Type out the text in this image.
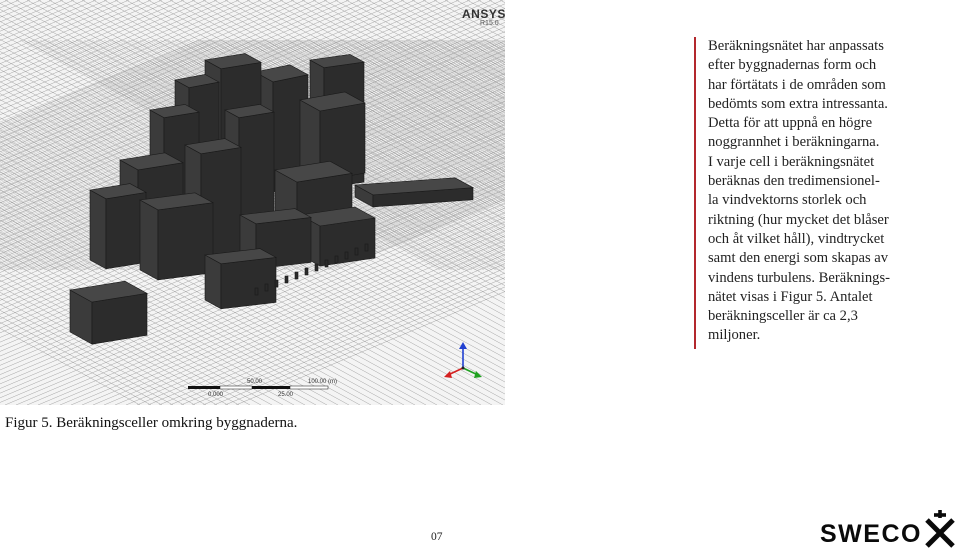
ANSYS
R15.0
0.000
50.00	100.00 (m)
25.00

Beräkningsnätet har anpassats

efter byggnadernas form och

har förtätats i de områden som

bedömts som extra intressanta.

Detta för att uppnå en högre

noggrannhet i beräkningarna.

I varje cell i beräkningsnätet

beräknas den tredimensionel-

la vindvektorns storlek och

riktning (hur mycket det blåser

och åt vilket håll), vindtrycket

samt den energi som skapas av

vindens turbulens. Beräknings-

nätet visas i Figur 5. Antalet

beräkningsceller är ca 2,3

miljoner.

Figur 5. Beräkningsceller omkring byggnaderna.
07	SWECO
